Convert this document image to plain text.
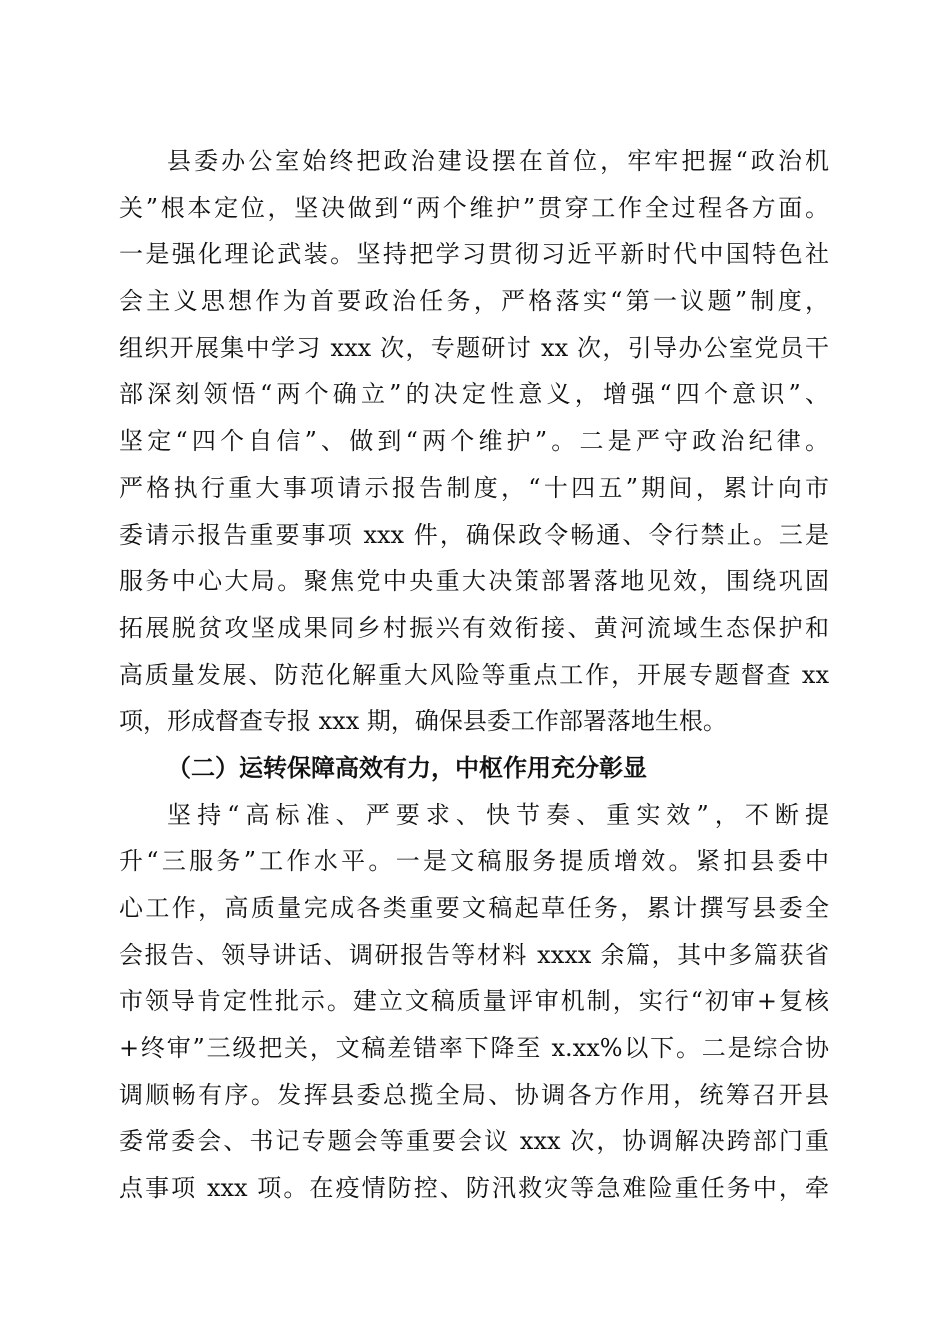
县委办公室始终把政治建设摆在首位，牢牢把握“政治机
关”根本定位，坚决做到“两个维护”贯穿工作全过程各方面。
一是强化理论武装。坚持把学习贯彻习近平新时代中国特色社
会主义思想作为首要政治任务，严格落实“第一议题”制度，
组织开展集中学习 xxx 次，专题研讨 xx 次，引导办公室党员干
部深刻领悟“两个确立”的决定性意义，增强“四个意识”、
坚定“四个自信”、做到“两个维护”。二是严守政治纪律。
严格执行重大事项请示报告制度，“十四五”期间，累计向市
委请示报告重要事项 xxx 件，确保政令畅通、令行禁止。三是
服务中心大局。聚焦党中央重大决策部署落地见效，围绕巩固
拓展脱贫攻坚成果同乡村振兴有效衔接、黄河流域生态保护和
高质量发展、防范化解重大风险等重点工作，开展专题督查 xx
项，形成督查专报 xxx 期，确保县委工作部署落地生根。
（二）运转保障高效有力，中枢作用充分彰显
坚持“高标准、严要求、快节奏、重实效”，不断提
升“三服务”工作水平。一是文稿服务提质增效。紧扣县委中
心工作，高质量完成各类重要文稿起草任务，累计撰写县委全
会报告、领导讲话、调研报告等材料 xxxx 余篇，其中多篇获省
市领导肯定性批示。建立文稿质量评审机制，实行“初审+复核
+终审”三级把关，文稿差错率下降至 x.xx%以下。二是综合协
调顺畅有序。发挥县委总揽全局、协调各方作用，统筹召开县
委常委会、书记专题会等重要会议 xxx 次，协调解决跨部门重
点事项 xxx 项。在疫情防控、防汛救灾等急难险重任务中，牵
